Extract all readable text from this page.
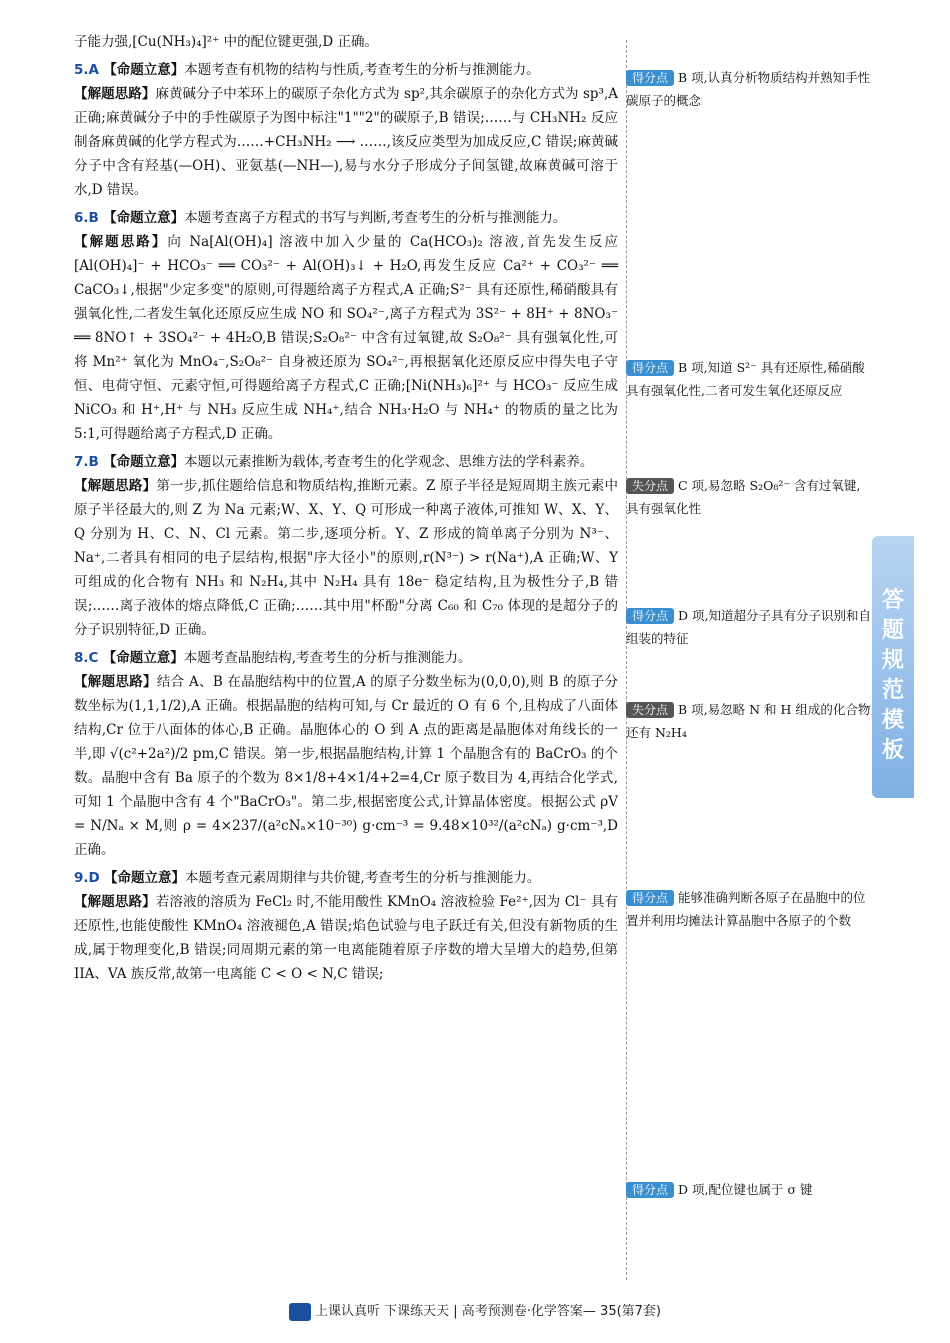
子能力强,[Cu(NH₃)₄]²⁺ 中的配位键更强,D 正确。

5.A 【命题立意】本题考查有机物的结构与性质,考查考生的分析与推测能力。

【解题思路】麻黄碱分子中苯环上的碳原子杂化方式为 sp²,其余碳原子的杂化方式为 sp³,A 正确;麻黄碱分子中的手性碳原子为图中标注"1""2"的碳原子,B 错误;……与 CH₃NH₂ 反应制备麻黄碱的化学方程式为……+CH₃NH₂ ⟶ ……,该反应类型为加成反应,C 错误;麻黄碱分子中含有羟基(—OH)、亚氨基(—NH—),易与水分子形成分子间氢键,故麻黄碱可溶于水,D 错误。

6.B 【命题立意】本题考查离子方程式的书写与判断,考查考生的分析与推测能力。

【解题思路】向 Na[Al(OH)₄] 溶液中加入少量的 Ca(HCO₃)₂ 溶液,首先发生反应 [Al(OH)₄]⁻ + HCO₃⁻ ══ CO₃²⁻ + Al(OH)₃↓ + H₂O,再发生反应 Ca²⁺ + CO₃²⁻ ══ CaCO₃↓,根据"少定多变"的原则,可得题给离子方程式,A 正确;S²⁻ 具有还原性,稀硝酸具有强氧化性,二者发生氧化还原反应生成 NO 和 SO₄²⁻,离子方程式为 3S²⁻ + 8H⁺ + 8NO₃⁻ ══ 8NO↑ + 3SO₄²⁻ + 4H₂O,B 错误;S₂O₈²⁻ 中含有过氧键,故 S₂O₈²⁻ 具有强氧化性,可将 Mn²⁺ 氧化为 MnO₄⁻,S₂O₈²⁻ 自身被还原为 SO₄²⁻,再根据氧化还原反应中得失电子守恒、电荷守恒、元素守恒,可得题给离子方程式,C 正确;[Ni(NH₃)₆]²⁺ 与 HCO₃⁻ 反应生成 NiCO₃ 和 H⁺,H⁺ 与 NH₃ 反应生成 NH₄⁺,结合 NH₃·H₂O 与 NH₄⁺ 的物质的量之比为 5:1,可得题给离子方程式,D 正确。

7.B 【命题立意】本题以元素推断为载体,考查考生的化学观念、思维方法的学科素养。

【解题思路】第一步,抓住题给信息和物质结构,推断元素。Z 原子半径是短周期主族元素中原子半径最大的,则 Z 为 Na 元素;W、X、Y、Q 可形成一种离子液体,可推知 W、X、Y、Q 分别为 H、C、N、Cl 元素。第二步,逐项分析。Y、Z 形成的简单离子分别为 N³⁻、Na⁺,二者具有相同的电子层结构,根据"序大径小"的原则,r(N³⁻) > r(Na⁺),A 正确;W、Y 可组成的化合物有 NH₃ 和 N₂H₄,其中 N₂H₄ 具有 18e⁻ 稳定结构,且为极性分子,B 错误;……离子液体的熔点降低,C 正确;……其中用"杯酚"分离 C₆₀ 和 C₇₀ 体现的是超分子的分子识别特征,D 正确。

8.C 【命题立意】本题考查晶胞结构,考查考生的分析与推测能力。

【解题思路】结合 A、B 在晶胞结构中的位置,A 的原子分数坐标为(0,0,0),则 B 的原子分数坐标为(1,1,1/2),A 正确。根据晶胞的结构可知,与 Cr 最近的 O 有 6 个,且构成了八面体结构,Cr 位于八面体的体心,B 正确。晶胞体心的 O 到 A 点的距离是晶胞体对角线长的一半,即 √(c²+2a²)/2 pm,C 错误。第一步,根据晶胞结构,计算 1 个晶胞含有的 BaCrO₃ 的个数。晶胞中含有 Ba 原子的个数为 8×1/8+4×1/4+2=4,Cr 原子数目为 4,再结合化学式,可知 1 个晶胞中含有 4 个"BaCrO₃"。第二步,根据密度公式,计算晶体密度。根据公式 ρV = N/Nₐ × M,则 ρ = 4×237/(a²cNₐ×10⁻³⁰) g·cm⁻³ = 9.48×10³²/(a²cNₐ) g·cm⁻³,D 正确。

9.D 【命题立意】本题考查元素周期律与共价键,考查考生的分析与推测能力。

【解题思路】若溶液的溶质为 FeCl₂ 时,不能用酸性 KMnO₄ 溶液检验 Fe²⁺,因为 Cl⁻ 具有还原性,也能使酸性 KMnO₄ 溶液褪色,A 错误;焰色试验与电子跃迁有关,但没有新物质的生成,属于物理变化,B 错误;同周期元素的第一电离能随着原子序数的增大呈增大的趋势,但第 IIA、VA 族反常,故第一电离能 C < O < N,C 错误;

得分点 B 项,认真分析物质结构并熟知手性碳原子的概念
得分点 B 项,知道 S²⁻ 具有还原性,稀硝酸具有强氧化性,二者可发生氧化还原反应
失分点 C 项,易忽略 S₂O₈²⁻ 含有过氧键,具有强氧化性
得分点 D 项,知道超分子具有分子识别和自组装的特征
失分点 B 项,易忽略 N 和 H 组成的化合物还有 N₂H₄
得分点 能够准确判断各原子在晶胞中的位置并利用均摊法计算晶胞中各原子的个数
得分点 D 项,配位键也属于 σ 键
答题规范模板
上课认真听 下课练天天 | 高考预测卷·化学答案— 35(第7套)
